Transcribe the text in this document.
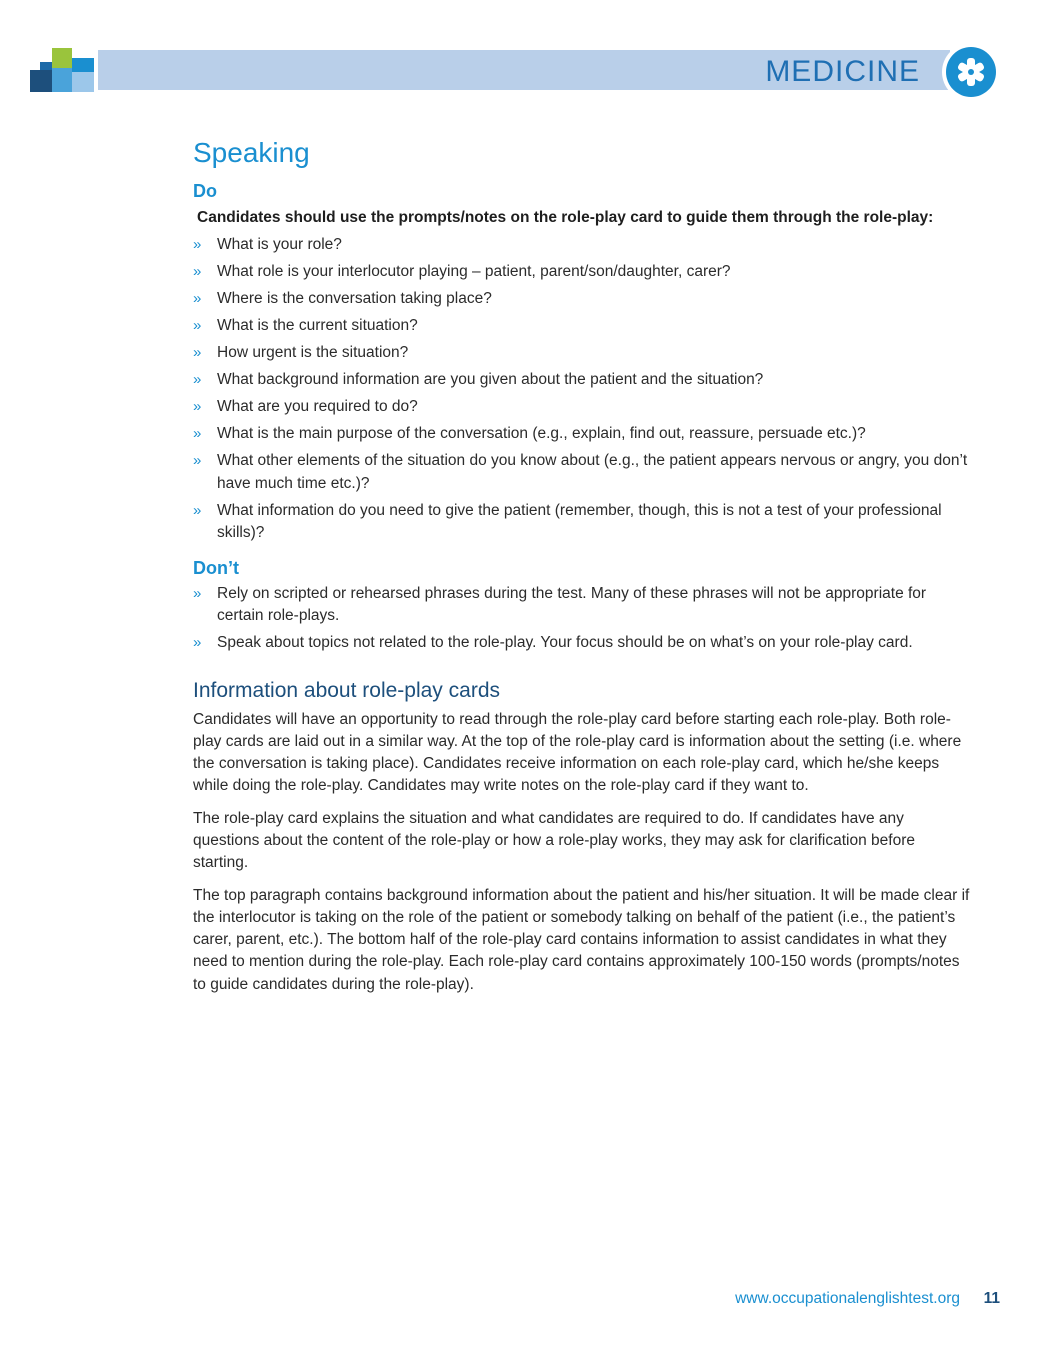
MEDICINE
Speaking
Do
Candidates should use the prompts/notes on the role-play card to guide them through the role-play:
» What is your role?
» What role is your interlocutor playing – patient, parent/son/daughter, carer?
» Where is the conversation taking place?
» What is the current situation?
» How urgent is the situation?
» What background information are you given about the patient and the situation?
» What are you required to do?
» What is the main purpose of the conversation (e.g., explain, find out, reassure, persuade etc.)?
» What other elements of the situation do you know about (e.g., the patient appears nervous or angry, you don’t have much time etc.)?
» What information do you need to give the patient (remember, though, this is not a test of your professional skills)?
Don’t
» Rely on scripted or rehearsed phrases during the test. Many of these phrases will not be appropriate for certain role-plays.
» Speak about topics not related to the role-play. Your focus should be on what’s on your role-play card.
Information about role-play cards

Candidates will have an opportunity to read through the role-play card before starting each role-play. Both role-play cards are laid out in a similar way. At the top of the role-play card is information about the setting (i.e. where the conversation is taking place). Candidates receive information on each role-play card, which he/she keeps while doing the role-play. Candidates may write notes on the role-play card if they want to.

The role-play card explains the situation and what candidates are required to do. If candidates have any questions about the content of the role-play or how a role-play works, they may ask for clarification before starting.

The top paragraph contains background information about the patient and his/her situation. It will be made clear if the interlocutor is taking on the role of the patient or somebody talking on behalf of the patient (i.e., the patient’s carer, parent, etc.). The bottom half of the role-play card contains information to assist candidates in what they need to mention during the role-play. Each role-play card contains approximately 100-150 words (prompts/notes to guide candidates during the role-play).

www.occupationalenglishtest.org 11
